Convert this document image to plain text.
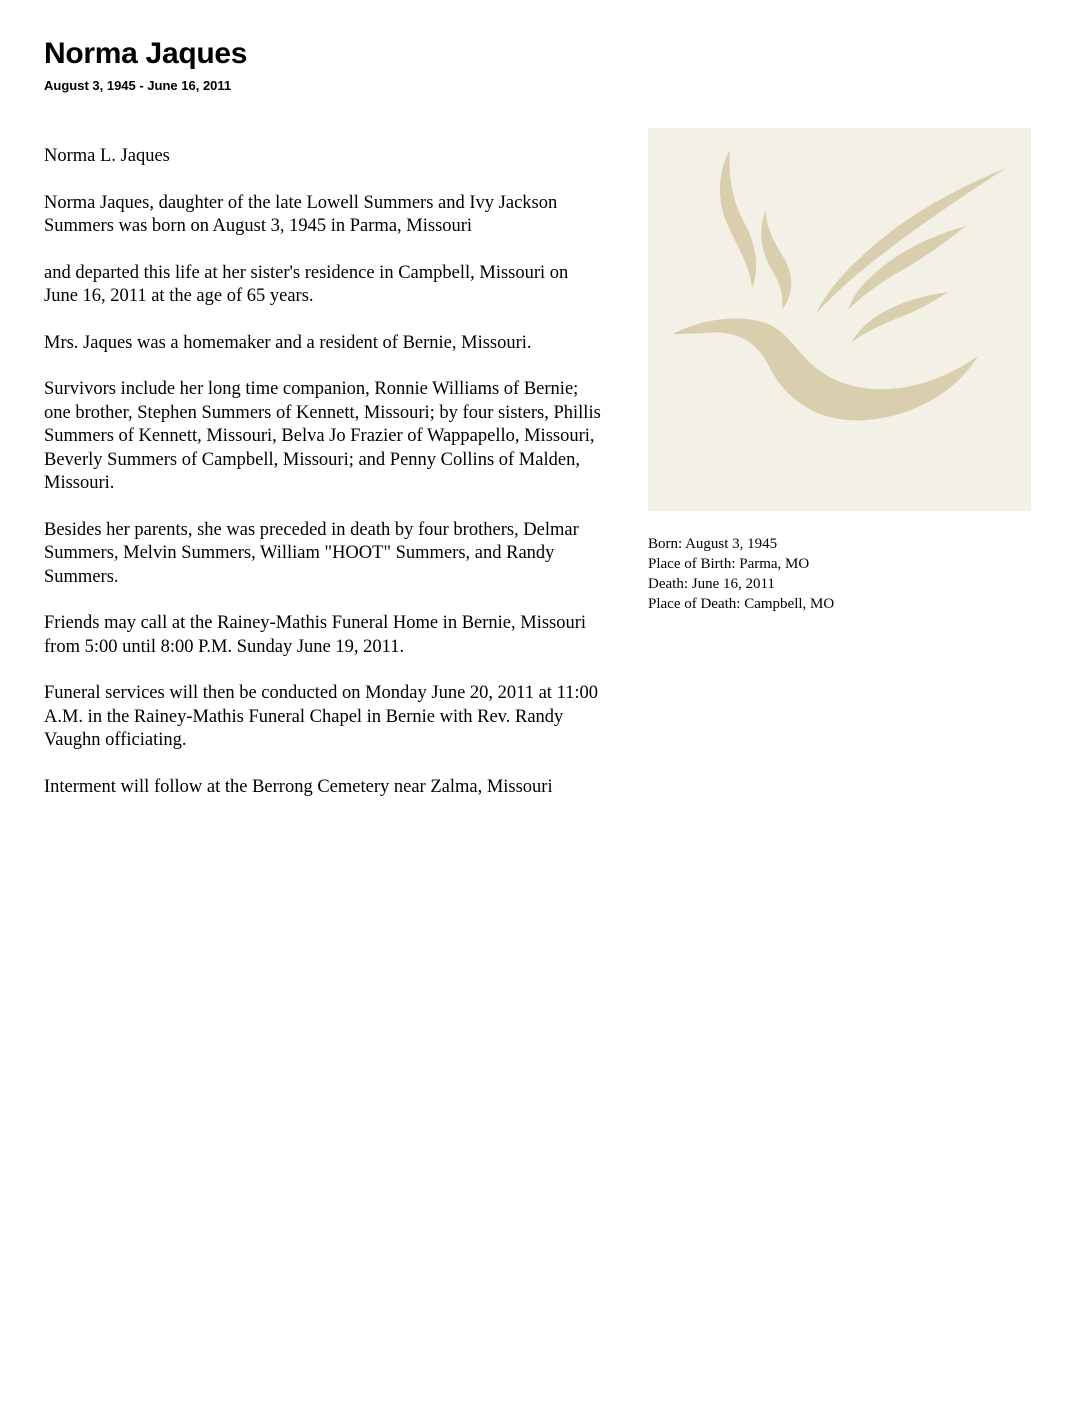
Norma Jaques
August 3, 1945 - June 16, 2011

Norma L. Jaques

Norma Jaques, daughter of the late Lowell Summers and Ivy Jackson Summers was born on August 3, 1945 in Parma, Missouri

and departed this life at her sister's residence in Campbell, Missouri on June 16, 2011 at the age of 65 years.

Mrs. Jaques was a homemaker and a resident of Bernie, Missouri.

Survivors include her long time companion, Ronnie Williams of Bernie; one brother, Stephen Summers of Kennett, Missouri; by four sisters, Phillis Summers of Kennett, Missouri, Belva Jo Frazier of Wappapello, Missouri, Beverly Summers of Campbell, Missouri; and Penny Collins of Malden, Missouri.

Besides her parents, she was preceded in death by four brothers, Delmar Summers, Melvin Summers, William "HOOT" Summers, and Randy Summers.

Friends may call at the Rainey-Mathis Funeral Home in Bernie, Missouri from 5:00 until 8:00 P.M. Sunday June 19, 2011.

Funeral services will then be conducted on Monday June 20, 2011 at 11:00 A.M. in the Rainey-Mathis Funeral Chapel in Bernie with Rev. Randy Vaughn officiating.

Interment will follow at the Berrong Cemetery near Zalma, Missouri

Born: August 3, 1945
Place of Birth: Parma, MO
Death: June 16, 2011
Place of Death: Campbell, MO
